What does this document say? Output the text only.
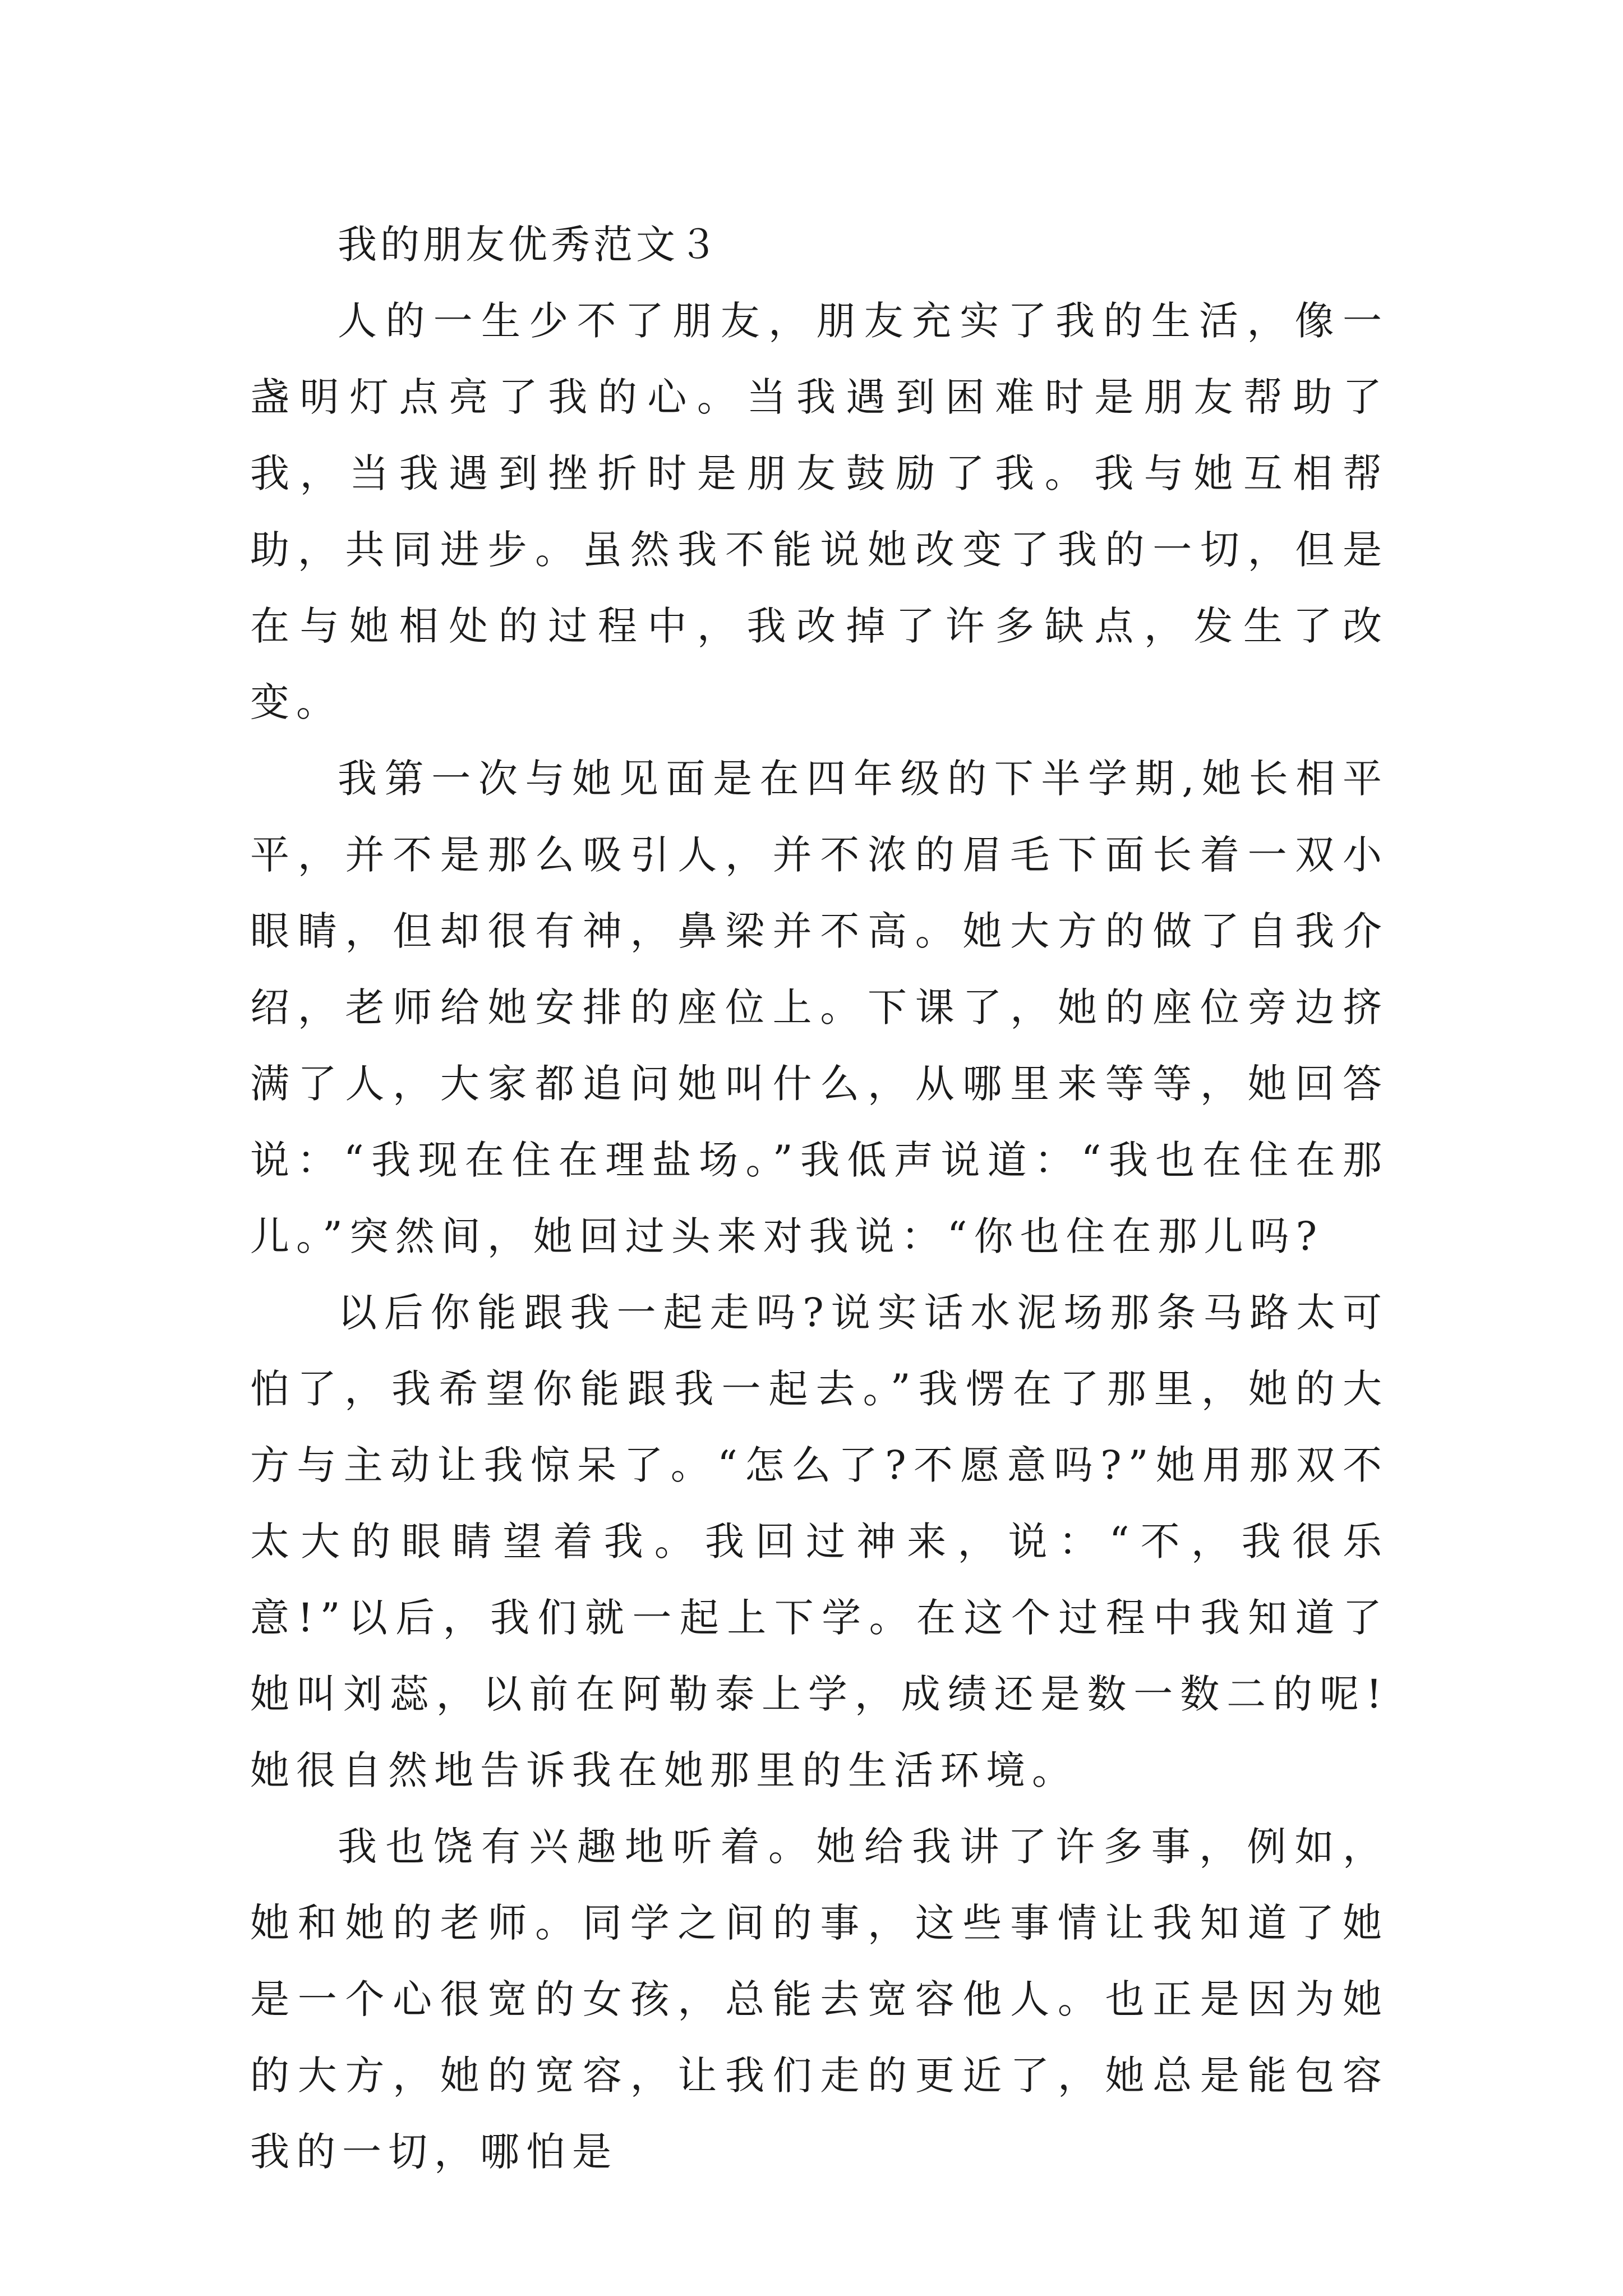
我的朋友优秀范文３

人的一生少不了朋友，朋友充实了我的生活，像一盏明灯点亮了我的心。当我遇到困难时是朋友帮助了我，当我遇到挫折时是朋友鼓励了我。我与她互相帮助，共同进步。虽然我不能说她改变了我的一切，但是在与她相处的过程中，我改掉了许多缺点，发生了改变。

我第一次与她见面是在四年级的下半学期,她长相平平，并不是那么吸引人，并不浓的眉毛下面长着一双小眼睛，但却很有神，鼻梁并不高。她大方的做了自我介绍，老师给她安排的座位上。下课了，她的座位旁边挤满了人，大家都追问她叫什么，从哪里来等等，她回答说：“我现在住在理盐场。”我低声说道：“我也在住在那儿。”突然间，她回过头来对我说：“你也住在那儿吗?

以后你能跟我一起走吗?说实话水泥场那条马路太可怕了，我希望你能跟我一起去。”我愣在了那里，她的大方与主动让我惊呆了。“怎么了?不愿意吗?”她用那双不太大的眼睛望着我。我回过神来，说：“不，我很乐意!”以后，我们就一起上下学。在这个过程中我知道了她叫刘蕊，以前在阿勒泰上学，成绩还是数一数二的呢!她很自然地告诉我在她那里的生活环境。

我也饶有兴趣地听着。她给我讲了许多事，例如，她和她的老师。同学之间的事，这些事情让我知道了她是一个心很宽的女孩，总能去宽容他人。也正是因为她的大方，她的宽容，让我们走的更近了，她总是能包容我的一切，哪怕是
